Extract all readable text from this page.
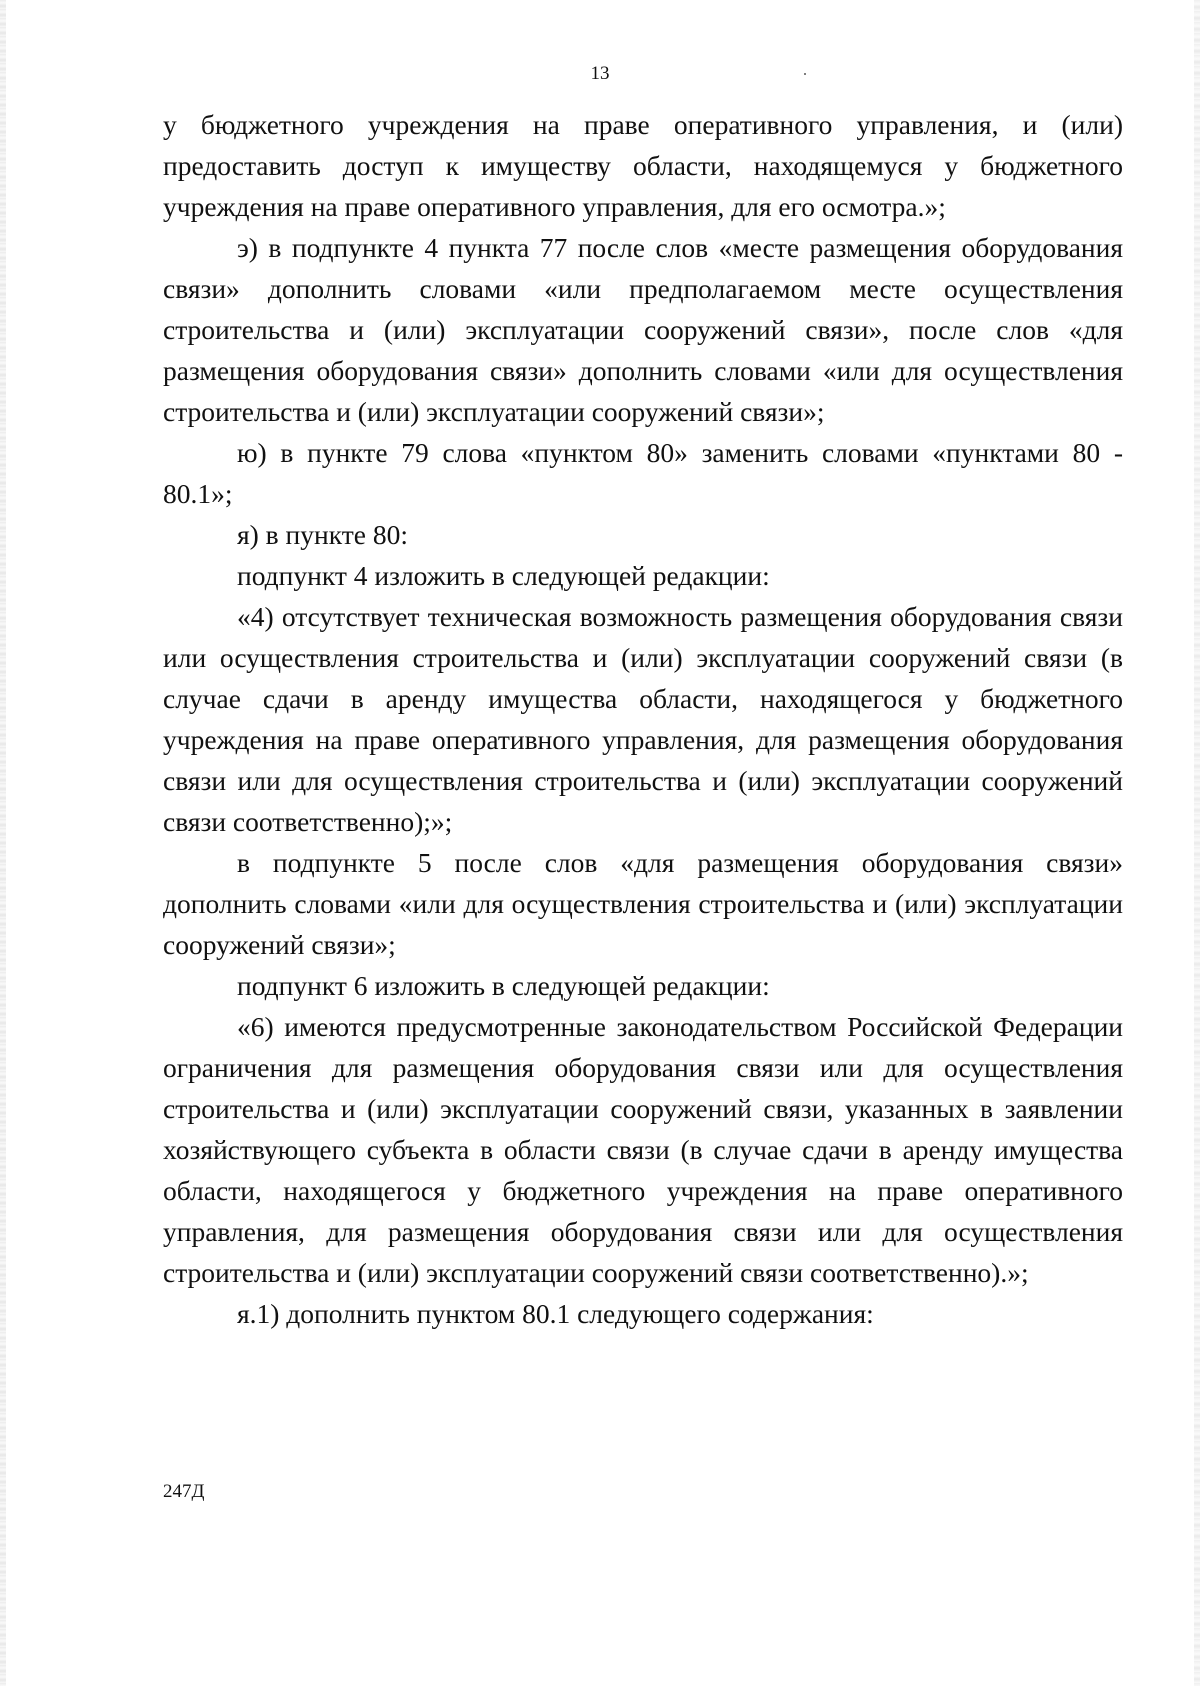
13

у бюджетного учреждения на праве оперативного управления, и (или) предоставить доступ к имуществу области, находящемуся у бюджетного учреждения на праве оперативного управления, для его осмотра.»;

э) в подпункте 4 пункта 77 после слов «месте размещения оборудования связи» дополнить словами «или предполагаемом месте осуществления строительства и (или) эксплуатации сооружений связи», после слов «для размещения оборудования связи» дополнить словами «или для осуществления строительства и (или) эксплуатации сооружений связи»;

ю) в пункте 79 слова «пунктом 80» заменить словами «пунктами 80 - 80.1»;

я) в пункте 80:

подпункт 4 изложить в следующей редакции:

«4) отсутствует техническая возможность размещения оборудования связи или осуществления строительства и (или) эксплуатации сооружений связи (в случае сдачи в аренду имущества области, находящегося у бюджетного учреждения на праве оперативного управления, для размещения оборудования связи или для осуществления строительства и (или) эксплуатации сооружений связи соответственно);»;

в подпункте 5 после слов «для размещения оборудования связи» дополнить словами «или для осуществления строительства и (или) эксплуатации сооружений связи»;

подпункт 6 изложить в следующей редакции:

«6) имеются предусмотренные законодательством Российской Федерации ограничения для размещения оборудования связи или для осуществления строительства и (или) эксплуатации сооружений связи, указанных в заявлении хозяйствующего субъекта в области связи (в случае сдачи в аренду имущества области, находящегося у бюджетного учреждения на праве оперативного управления, для размещения оборудования связи или для осуществления строительства и (или) эксплуатации сооружений связи соответственно).»;

я.1) дополнить пунктом 80.1 следующего содержания:

247Д
